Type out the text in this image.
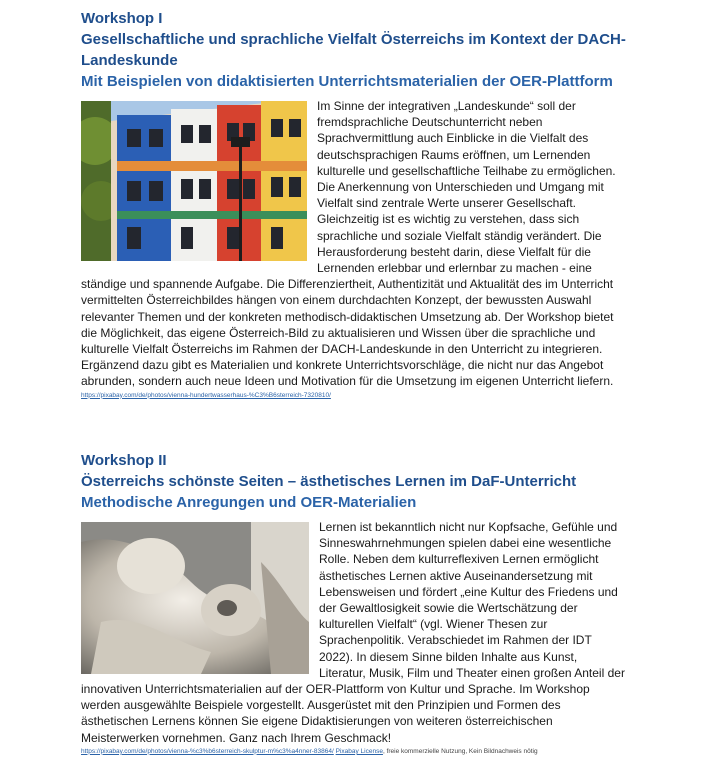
Workshop I
Gesellschaftliche und sprachliche Vielfalt Österreichs im Kontext der DACH-Landeskunde
Mit Beispielen von didaktisierten Unterrichtsmaterialien der OER-Plattform

Im Sinne der integrativen „Landeskunde“ soll der fremdsprachliche Deutschunterricht neben Sprachvermittlung auch Einblicke in die Vielfalt des deutschsprachigen Raums eröffnen, um Lernenden kulturelle und gesellschaftliche Teilhabe zu ermöglichen. Die Anerkennung von Unterschieden und Umgang mit Vielfalt sind zentrale Werte unserer Gesellschaft. Gleichzeitig ist es wichtig zu verstehen, dass sich sprachliche und soziale Vielfalt ständig verändert. Die Herausforderung besteht darin, diese Vielfalt für die Lernenden erlebbar und erlernbar zu machen - eine ständige und spannende Aufgabe. Die Differenziertheit, Authentizität und Aktualität des im Unterricht vermittelten Österreichbildes hängen von einem durchdachten Konzept, der bewussten Auswahl relevanter Themen und der konkreten methodisch-didaktischen Umsetzung ab. Der Workshop bietet die Möglichkeit, das eigene Österreich-Bild zu aktualisieren und Wissen über die sprachliche und kulturelle Vielfalt Österreichs im Rahmen der DACH-Landeskunde in den Unterricht zu integrieren. Ergänzend dazu gibt es Materialien und konkrete Unterrichtsvorschläge, die nicht nur das Angebot abrunden, sondern auch neue Ideen und Motivation für die Umsetzung im eigenen Unterricht liefern.

https://pixabay.com/de/photos/vienna-hundertwasserhaus-%C3%B6sterreich-7320810/
Workshop II
Österreichs schönste Seiten – ästhetisches Lernen im DaF-Unterricht
Methodische Anregungen und OER-Materialien

Lernen ist bekanntlich nicht nur Kopfsache, Gefühle und Sinneswahrnehmungen spielen dabei eine wesentliche Rolle. Neben dem kulturreflexiven Lernen ermöglicht ästhetisches Lernen aktive Auseinandersetzung mit Lebensweisen und fördert „eine Kultur des Friedens und der Gewaltlosigkeit sowie die Wertschätzung der kulturellen Vielfalt“ (vgl. Wiener Thesen zur Sprachenpolitik. Verabschiedet im Rahmen der IDT 2022). In diesem Sinne bilden Inhalte aus Kunst, Literatur, Musik, Film und Theater einen großen Anteil der innovativen Unterrichtsmaterialien auf der OER-Plattform von Kultur und Sprache. Im Workshop werden ausgewählte Beispiele vorgestellt. Ausgerüstet mit den Prinzipien und Formen des ästhetischen Lernens können Sie eigene Didaktisierungen von weiteren österreichischen Meisterwerken vornehmen. Ganz nach Ihrem Geschmack!

https://pixabay.com/de/photos/vienna-%c3%b6sterreich-skulptur-m%c3%a4nner-83864/ Pixabay License, freie kommerzielle Nutzung, Kein Bildnachweis nötig
